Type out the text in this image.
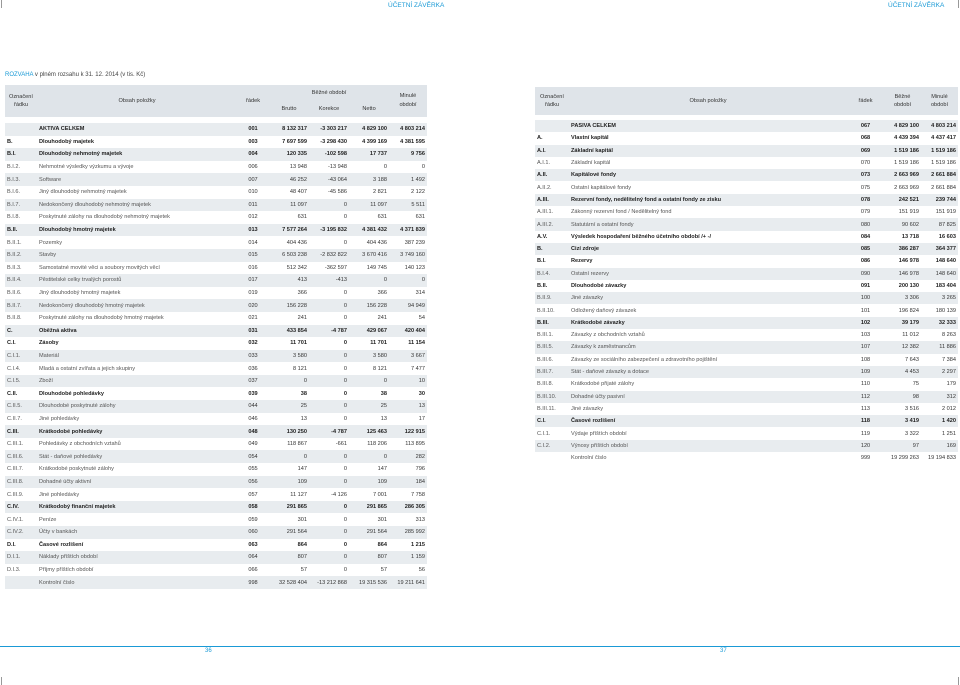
ÚČETNÍ ZÁVĚRKA	ÚČETNÍ ZÁVĚRKA
ROZVAHA v plném rozsahu k 31. 12. 2014 (v tis. Kč)
Označení řádku	Obsah položky	řádek	Běžné období			Minulé období
			Brutto	Korekce	Netto	

	AKTIVA CELKEM	001	8 132 317	-3 303 217	4 829 100	4 803 214
B.	Dlouhodobý majetek	003	7 697 599	-3 298 430	4 399 169	4 381 595
B.I.	Dlouhodobý nehmotný majetek	004	120 335	-102 598	17 737	9 756
B.I.2.	Nehmotné výsledky výzkumu a vývoje	006	13 948	-13 948	0	0
B.I.3.	Software	007	46 252	-43 064	3 188	1 492
B.I.6.	Jiný dlouhodobý nehmotný majetek	010	48 407	-45 586	2 821	2 122
B.I.7.	Nedokončený dlouhodobý nehmotný majetek	011	11 097	0	11 097	5 511
B.I.8.	Poskytnuté zálohy na dlouhodobý nehmotný majetek	012	631	0	631	631
B.II.	Dlouhodobý hmotný majetek	013	7 577 264	-3 195 832	4 381 432	4 371 839
B.II.1.	Pozemky	014	404 436	0	404 436	387 239
B.II.2.	Stavby	015	6 503 238	-2 832 822	3 670 416	3 749 160
B.II.3.	Samostatné movité věci a soubory movitých věcí	016	512 342	-362 597	149 745	140 123
B.II.4.	Pěstitelské celky trvalých porostů	017	413	-413	0	0
B.II.6.	Jiný dlouhodobý hmotný majetek	019	366	0	366	314
B.II.7.	Nedokončený dlouhodobý hmotný majetek	020	156 228	0	156 228	94 949
B.II.8.	Poskytnuté zálohy na dlouhodobý hmotný majetek	021	241	0	241	54
C.	Oběžná aktiva	031	433 854	-4 787	429 067	420 404
C.I.	Zásoby	032	11 701	0	11 701	11 154
C.I.1.	Materiál	033	3 580	0	3 580	3 667
C.I.4.	Mladá a ostatní zvířata a jejich skupiny	036	8 121	0	8 121	7 477
C.I.5.	Zboží	037	0	0	0	10
C.II.	Dlouhodobé pohledávky	039	38	0	38	30
C.II.5.	Dlouhodobé poskytnuté zálohy	044	25	0	25	13
C.II.7.	Jiné pohledávky	046	13	0	13	17
C.III.	Krátkodobé pohledávky	048	130 250	-4 787	125 463	122 915
C.III.1.	Pohledávky z obchodních vztahů	049	118 867	-661	118 206	113 895
C.III.6.	Stát - daňové pohledávky	054	0	0	0	282
C.III.7.	Krátkodobé poskytnuté zálohy	055	147	0	147	796
C.III.8.	Dohadné účty aktivní	056	109	0	109	184
C.III.9.	Jiné pohledávky	057	11 127	-4 126	7 001	7 758
C.IV.	Krátkodobý finanční majetek	058	291 865	0	291 865	286 305
C.IV.1.	Peníze	059	301	0	301	313
C.IV.2.	Účty v bankách	060	291 564	0	291 564	285 992
D.I.	Časové rozlišení	063	864	0	864	1 215
D.I.1.	Náklady příštích období	064	807	0	807	1 159
D.I.3.	Příjmy příštích období	066	57	0	57	56
	Kontrolní číslo	998	32 528 404	-13 212 868	19 315 536	19 211 641
Označení řádku	Obsah položky	řádek	Běžné období	Minulé období

	PASIVA CELKEM	067	4 829 100	4 803 214
A.	Vlastní kapitál	068	4 439 394	4 437 417
A.I.	Základní kapitál	069	1 519 186	1 519 186
A.I.1.	Základní kapitál	070	1 519 186	1 519 186
A.II.	Kapitálové fondy	073	2 663 969	2 661 884
A.II.2.	Ostatní kapitálové fondy	075	2 663 969	2 661 884
A.III.	Rezervní fondy, nedělitelný fond a ostatní fondy ze zisku	078	242 521	239 744
A.III.1.	Zákonný rezervní fond / Nedělitelný fond	079	151 919	151 919
A.III.2.	Statutární a ostatní fondy	080	90 602	87 825
A.V.	Výsledek hospodaření běžného účetního období /+ -/	084	13 718	16 603
B.	Cizí zdroje	085	386 287	364 377
B.I.	Rezervy	086	146 978	148 640
B.I.4.	Ostatní rezervy	090	146 978	148 640
B.II.	Dlouhodobé závazky	091	200 130	183 404
B.II.9.	Jiné závazky	100	3 306	3 265
B.II.10.	Odložený daňový závazek	101	196 824	180 139
B.III.	Krátkodobé závazky	102	39 179	32 333
B.III.1.	Závazky z obchodních vztahů	103	11 012	8 263
B.III.5.	Závazky k zaměstnancům	107	12 382	11 886
B.III.6.	Závazky ze sociálního zabezpečení a zdravotního pojištění	108	7 643	7 384
B.III.7.	Stát - daňové závazky a dotace	109	4 453	2 297
B.III.8.	Krátkodobé přijaté zálohy	110	75	179
B.III.10.	Dohadné účty pasivní	112	98	312
B.III.11.	Jiné závazky	113	3 516	2 012
C.I.	Časové rozlišení	118	3 419	1 420
C.I.1.	Výdaje příštích období	119	3 322	1 251
C.I.2.	Výnosy příštích období	120	97	169
	Kontrolní číslo	999	19 299 263	19 194 833
36	37
